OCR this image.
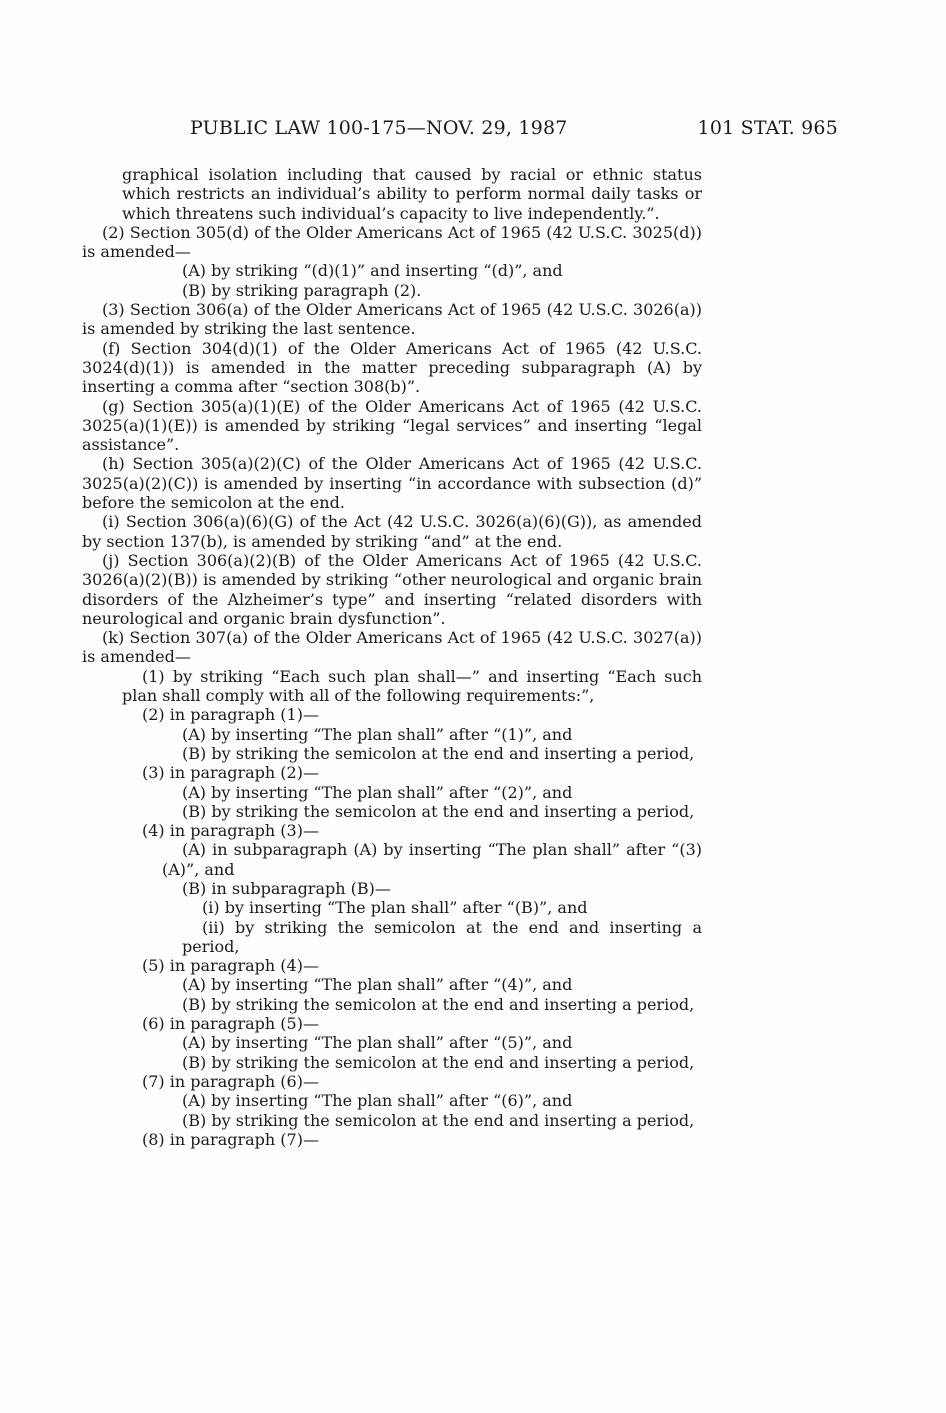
PUBLIC LAW 100-175—NOV. 29, 1987	101 STAT. 965

graphical isolation including that caused by racial or ethnic status which restricts an individual’s ability to perform normal daily tasks or which threatens such individual’s capacity to live independently.”.

(2) Section 305(d) of the Older Americans Act of 1965 (42 U.S.C. 3025(d)) is amended—

(A) by striking “(d)(1)” and inserting “(d)”, and

(B) by striking paragraph (2).

(3) Section 306(a) of the Older Americans Act of 1965 (42 U.S.C. 3026(a)) is amended by striking the last sentence.

(f) Section 304(d)(1) of the Older Americans Act of 1965 (42 U.S.C. 3024(d)(1)) is amended in the matter preceding subparagraph (A) by inserting a comma after “section 308(b)”.

(g) Section 305(a)(1)(E) of the Older Americans Act of 1965 (42 U.S.C. 3025(a)(1)(E)) is amended by striking “legal services” and inserting “legal assistance”.

(h) Section 305(a)(2)(C) of the Older Americans Act of 1965 (42 U.S.C. 3025(a)(2)(C)) is amended by inserting “in accordance with subsection (d)” before the semicolon at the end.

(i) Section 306(a)(6)(G) of the Act (42 U.S.C. 3026(a)(6)(G)), as amended by section 137(b), is amended by striking “and” at the end.

(j) Section 306(a)(2)(B) of the Older Americans Act of 1965 (42 U.S.C. 3026(a)(2)(B)) is amended by striking “other neurological and organic brain disorders of the Alzheimer’s type” and inserting “related disorders with neurological and organic brain dysfunction”.

(k) Section 307(a) of the Older Americans Act of 1965 (42 U.S.C. 3027(a)) is amended—

(1) by striking “Each such plan shall—” and inserting “Each such plan shall comply with all of the following requirements:”,

(2) in paragraph (1)—

(A) by inserting “The plan shall” after “(1)”, and

(B) by striking the semicolon at the end and inserting a period,

(3) in paragraph (2)—

(A) by inserting “The plan shall” after “(2)”, and

(B) by striking the semicolon at the end and inserting a period,

(4) in paragraph (3)—

(A) in subparagraph (A) by inserting “The plan shall” after “(3)(A)”, and

(B) in subparagraph (B)—

(i) by inserting “The plan shall” after “(B)”, and

(ii) by striking the semicolon at the end and inserting a period,

(5) in paragraph (4)—

(A) by inserting “The plan shall” after “(4)”, and

(B) by striking the semicolon at the end and inserting a period,

(6) in paragraph (5)—

(A) by inserting “The plan shall” after “(5)”, and

(B) by striking the semicolon at the end and inserting a period,

(7) in paragraph (6)—

(A) by inserting “The plan shall” after “(6)”, and

(B) by striking the semicolon at the end and inserting a period,

(8) in paragraph (7)—
